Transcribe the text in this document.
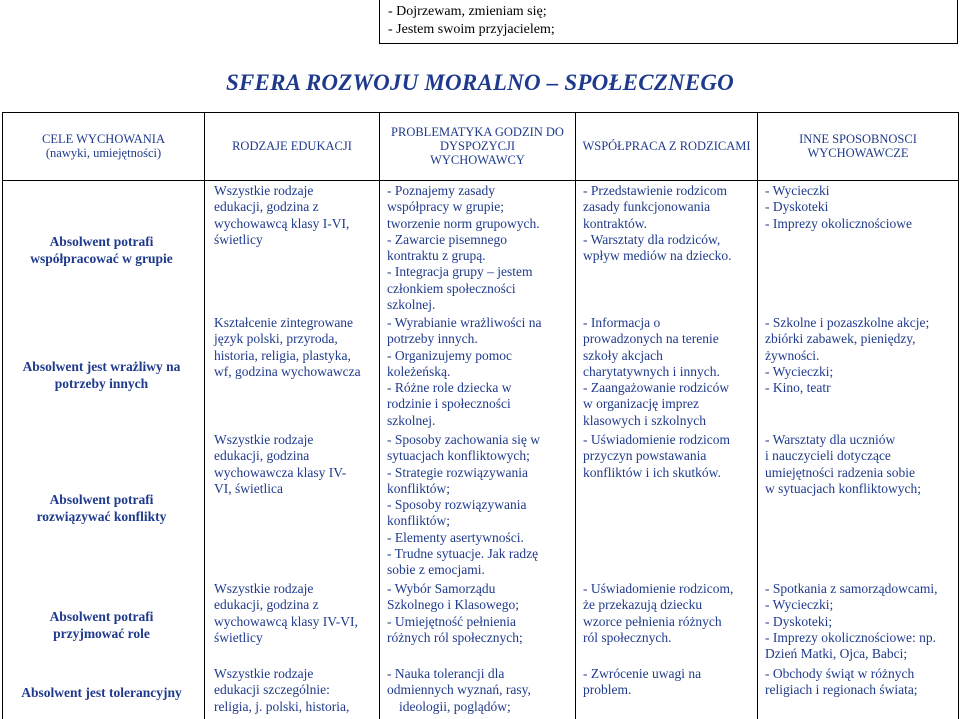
- Dojrzewam, zmieniam się;
- Jestem swoim przyjacielem;
SFERA ROZWOJU MORALNO – SPOŁECZNEGO
CELE WYCHOWANIA
(nawyki, umiejętności)	RODZAJE EDUKACJI
PROBLEMATYKA GODZIN DO
DYSPOZYCJI
WYCHOWAWCY
WSPÓŁPRACA Z RODZICAMI	INNE SPOSOBNOSCI
WYCHOWAWCZE
Absolwent potrafi
współpracować w grupie
Absolwent jest wrażliwy na
potrzeby innych
Absolwent potrafi
rozwiązywać konflikty
Absolwent potrafi
przyjmować role
Absolwent jest tolerancyjny
Wszystkie rodzaje
edukacji, godzina z
wychowawcą klasy I-VI,
świetlicy
Kształcenie zintegrowane
język polski, przyroda,
historia, religia, plastyka,
wf, godzina wychowawcza
Wszystkie rodzaje
edukacji, godzina
wychowawcza klasy IV-
VI, świetlica
Wszystkie rodzaje
edukacji, godzina z
wychowawcą klasy IV-VI,
świetlicy
Wszystkie rodzaje
edukacji szczególnie:
religia, j. polski, historia,
- Poznajemy zasady
współpracy w grupie;
tworzenie norm grupowych.
- Zawarcie pisemnego
kontraktu z grupą.
- Integracja grupy – jestem
członkiem społeczności
szkolnej.
- Wyrabianie wrażliwości na
potrzeby innych.
- Organizujemy pomoc
koleżeńską.
- Różne role dziecka w
rodzinie i społeczności
szkolnej.
- Sposoby zachowania się w
sytuacjach konfliktowych;
- Strategie rozwiązywania
konfliktów;
- Sposoby rozwiązywania
konfliktów;
- Elementy asertywności.
- Trudne sytuacje. Jak radzę
sobie z emocjami.
- Wybór Samorządu
Szkolnego i Klasowego;
- Umiejętność pełnienia
różnych ról społecznych;
- Nauka tolerancji dla
odmiennych wyznań, rasy,
ideologii, poglądów;
- Przedstawienie rodzicom
zasady funkcjonowania
kontraktów.
- Warsztaty dla rodziców,
wpływ mediów na dziecko.
- Informacja o
prowadzonych na terenie
szkoły akcjach
charytatywnych i innych.
- Zaangażowanie rodziców
w organizację imprez
klasowych i szkolnych
- Uświadomienie rodzicom
przyczyn powstawania
konfliktów i ich skutków.
- Uświadomienie rodzicom,
że przekazują dziecku
wzorce pełnienia różnych
ról społecznych.
- Zwrócenie uwagi na
problem.
- Wycieczki
- Dyskoteki
- Imprezy okolicznościowe
- Szkolne i pozaszkolne akcje;
zbiórki zabawek, pieniędzy,
żywności.
- Wycieczki;
- Kino, teatr
- Warsztaty dla uczniów
i nauczycieli dotyczące
umiejętności radzenia sobie
w sytuacjach konfliktowych;
- Spotkania z samorządowcami,
- Wycieczki;
- Dyskoteki;
- Imprezy okolicznościowe: np.
Dzień Matki, Ojca, Babci;
- Obchody świąt w różnych
religiach i regionach świata;
